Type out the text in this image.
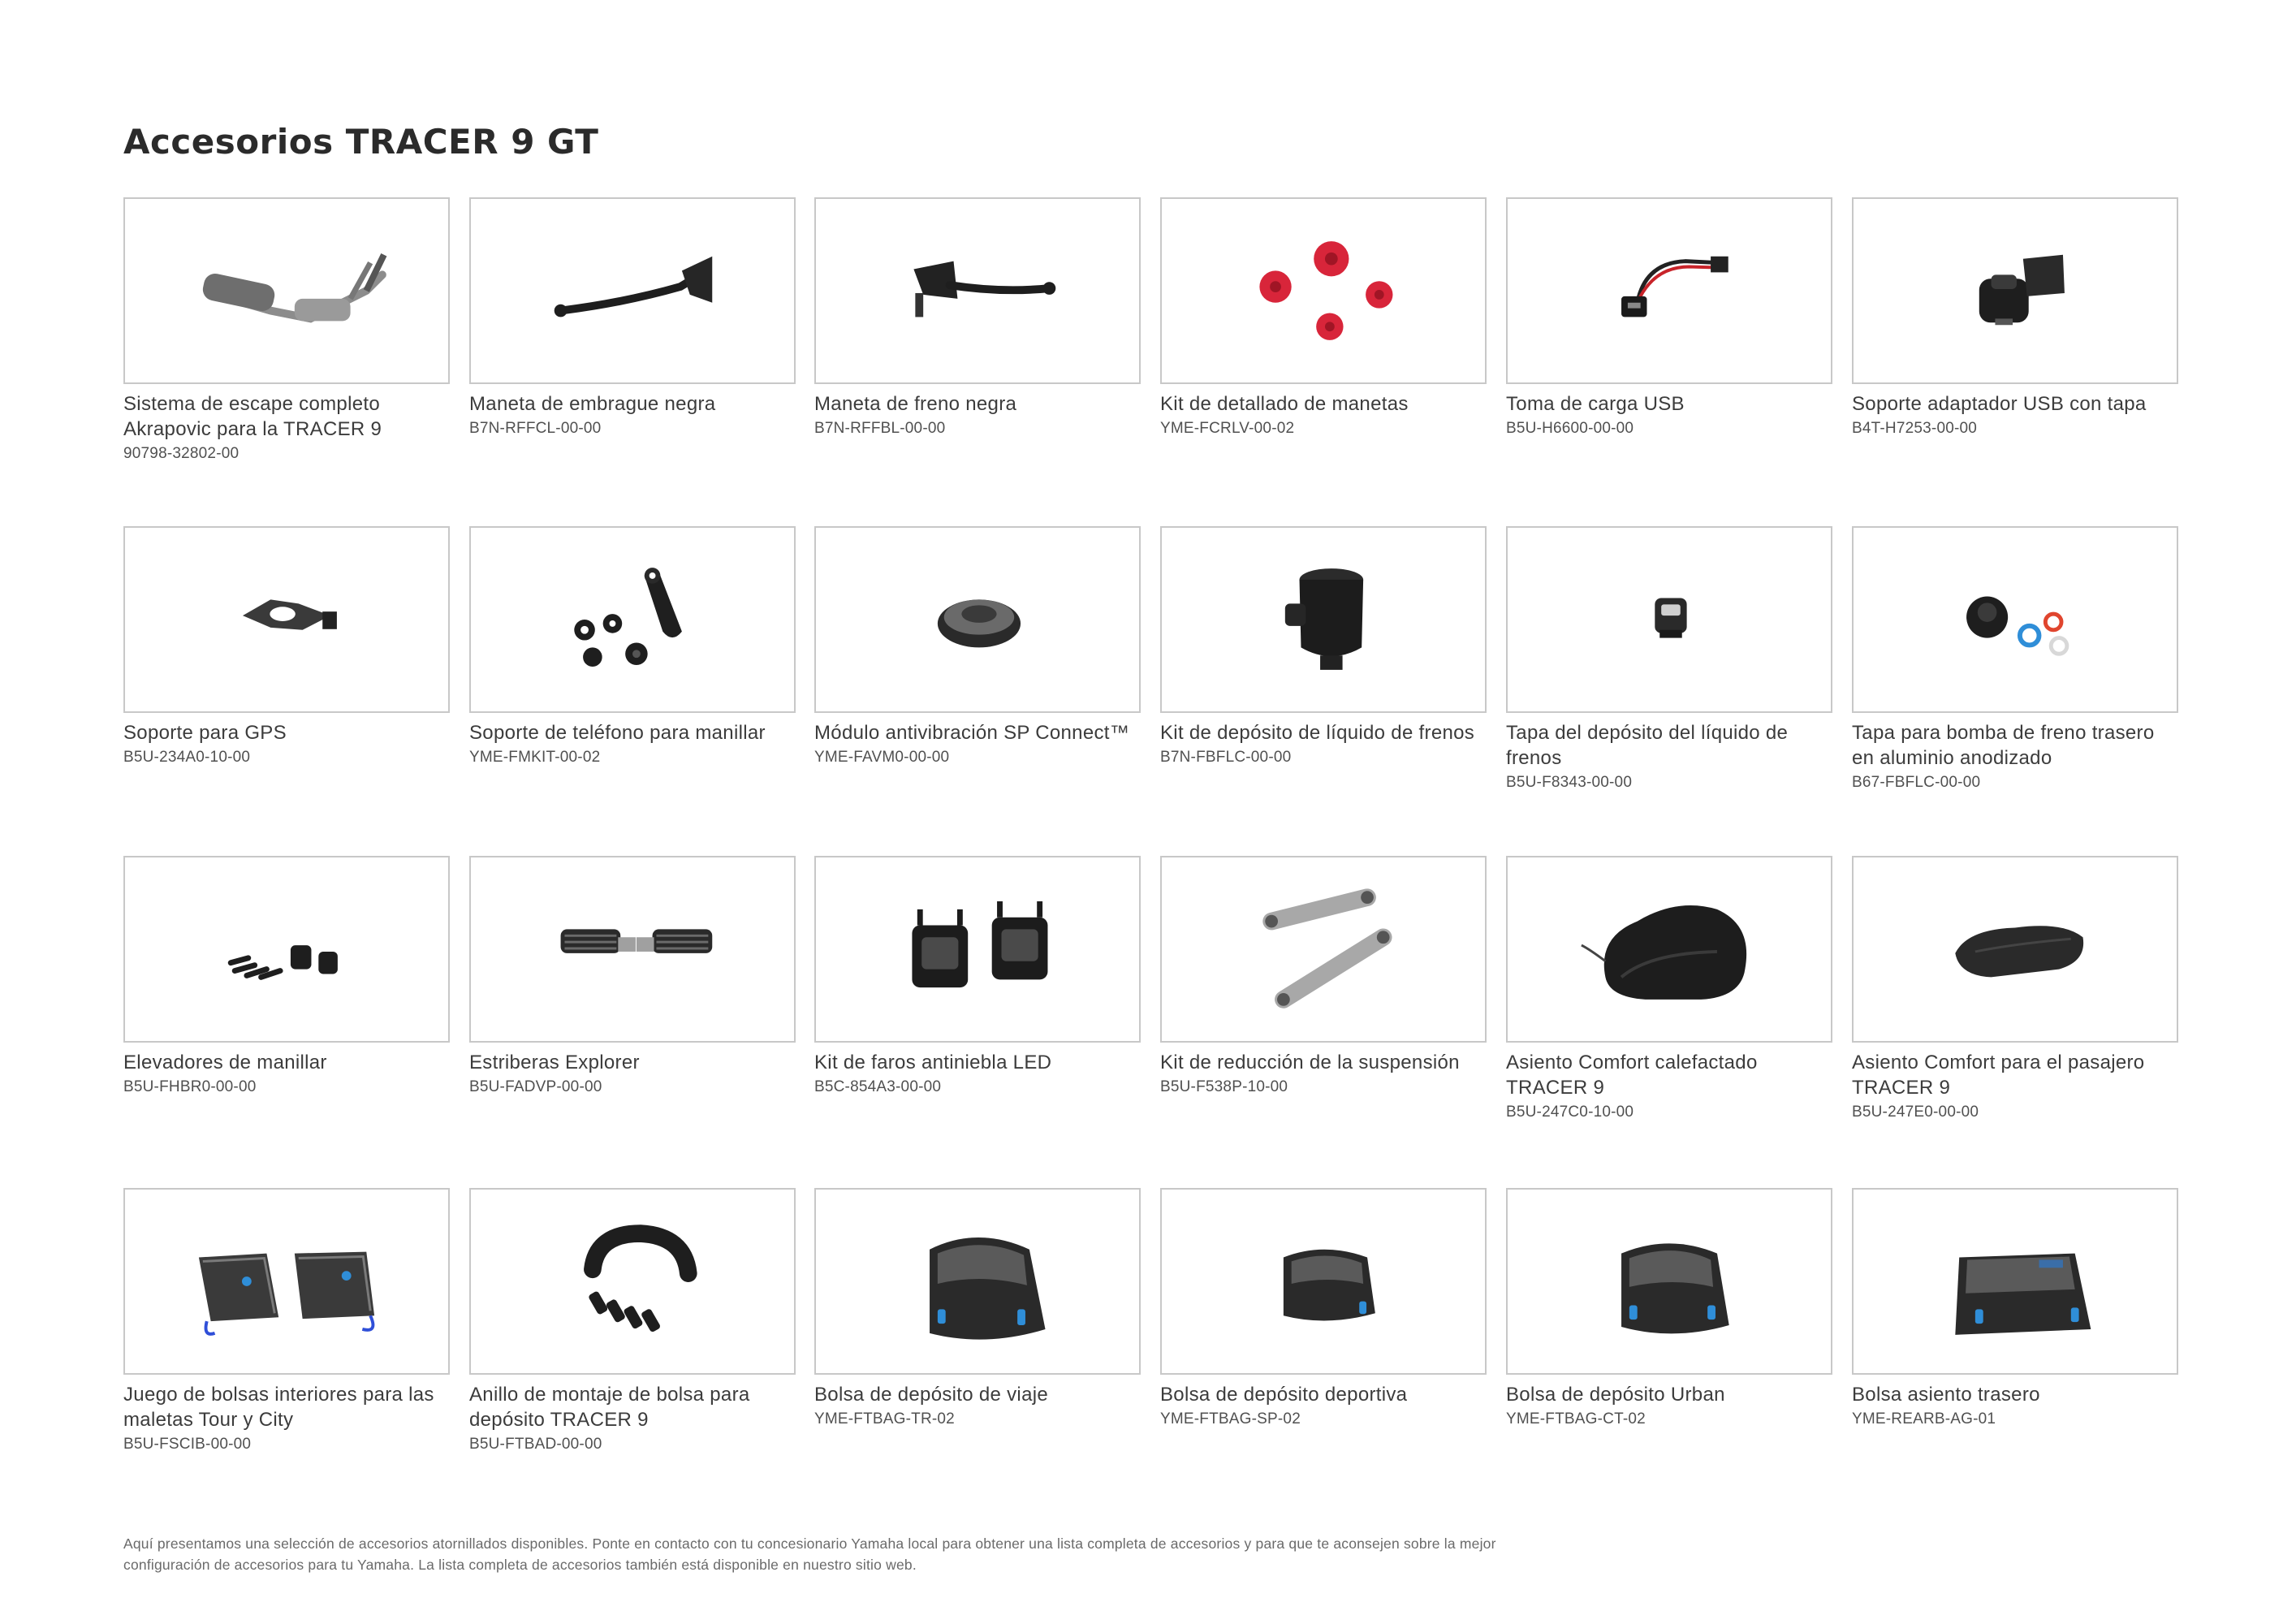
Accesorios TRACER 9 GT
Sistema de escape completo Akrapovic para la TRACER 9
90798-32802-00
Maneta de embrague negra
B7N-RFFCL-00-00
Maneta de freno negra
B7N-RFFBL-00-00
Kit de detallado de manetas
YME-FCRLV-00-02
Toma de carga USB
B5U-H6600-00-00
Soporte adaptador USB con tapa
B4T-H7253-00-00
Soporte para GPS
B5U-234A0-10-00
Soporte de teléfono para manillar
YME-FMKIT-00-02
Módulo antivibración SP Connect™
YME-FAVM0-00-00
Kit de depósito de líquido de frenos
B7N-FBFLC-00-00
Tapa del depósito del líquido de frenos
B5U-F8343-00-00
Tapa para bomba de freno trasero en aluminio anodizado
B67-FBFLC-00-00
Elevadores de manillar
B5U-FHBR0-00-00
Estriberas Explorer
B5U-FADVP-00-00
Kit de faros antiniebla LED
B5C-854A3-00-00
Kit de reducción de la suspensión
B5U-F538P-10-00
Asiento Comfort calefactado TRACER 9
B5U-247C0-10-00
Asiento Comfort para el pasajero TRACER 9
B5U-247E0-00-00
Juego de bolsas interiores para las maletas Tour y City
B5U-FSCIB-00-00
Anillo de montaje de bolsa para depósito TRACER 9
B5U-FTBAD-00-00
Bolsa de depósito de viaje
YME-FTBAG-TR-02
Bolsa de depósito deportiva
YME-FTBAG-SP-02
Bolsa de depósito Urban
YME-FTBAG-CT-02
Bolsa asiento trasero
YME-REARB-AG-01

Aquí presentamos una selección de accesorios atornillados disponibles. Ponte en contacto con tu concesionario Yamaha local para obtener una lista completa de accesorios y para que te aconsejen sobre la mejor configuración de accesorios para tu Yamaha. La lista completa de accesorios también está disponible en nuestro sitio web.
